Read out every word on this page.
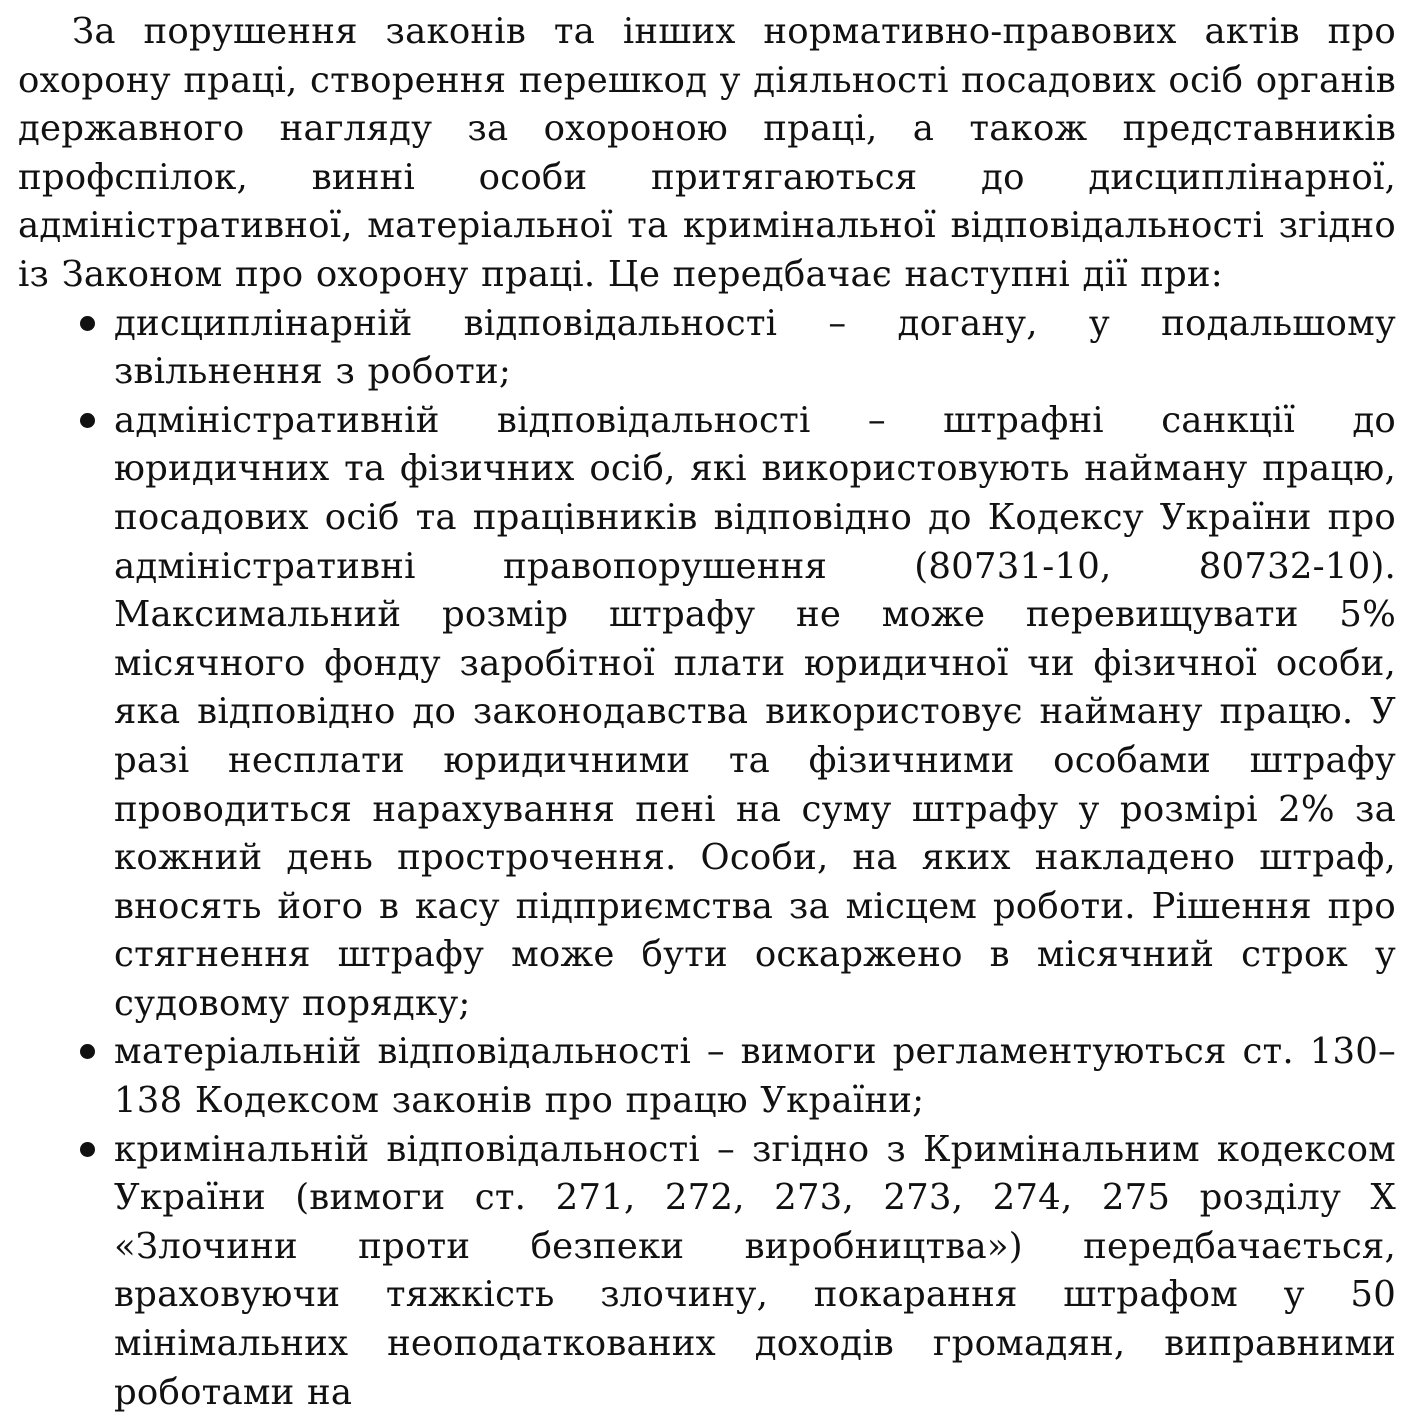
За порушення законів та інших нормативно-правових актів про охорону праці, створення перешкод у діяльності посадових осіб органів державного нагляду за охороною праці, а також представників профспілок, винні особи притягаються до дисциплінарної, адміністративної, матеріальної та кримінальної відповідальності згідно із Законом про охорону праці. Це передбачає наступні дії при:

дисциплінарній відповідальності – догану, у подальшому звільнення з роботи;
адміністративній відповідальності – штрафні санкції до юридичних та фізичних осіб, які використовують найману працю, посадових осіб та працівників відповідно до Кодексу України про адміністративні правопорушення (80731-10, 80732-10). Максимальний розмір штрафу не може перевищувати 5% місячного фонду заробітної плати юридичної чи фізичної особи, яка відповідно до законодавства використовує найману працю. У разі несплати юридичними та фізичними особами штрафу проводиться нарахування пені на суму штрафу у розмірі 2% за кожний день прострочення. Особи, на яких накладено штраф, вносять його в касу підприємства за місцем роботи. Рішення про стягнення штрафу може бути оскаржено в місячний строк у судовому порядку;
матеріальній відповідальності – вимоги регламентуються ст. 130–138 Кодексом законів про працю України;
кримінальній відповідальності – згідно з Кримінальним кодексом України (вимоги ст. 271, 272, 273, 273, 274, 275 розділу X «Злочини проти безпеки виробництва») передбачається, враховуючи тяжкість злочину, покарання штрафом у 50 мінімальних неоподаткованих доходів громадян, виправними роботами на
